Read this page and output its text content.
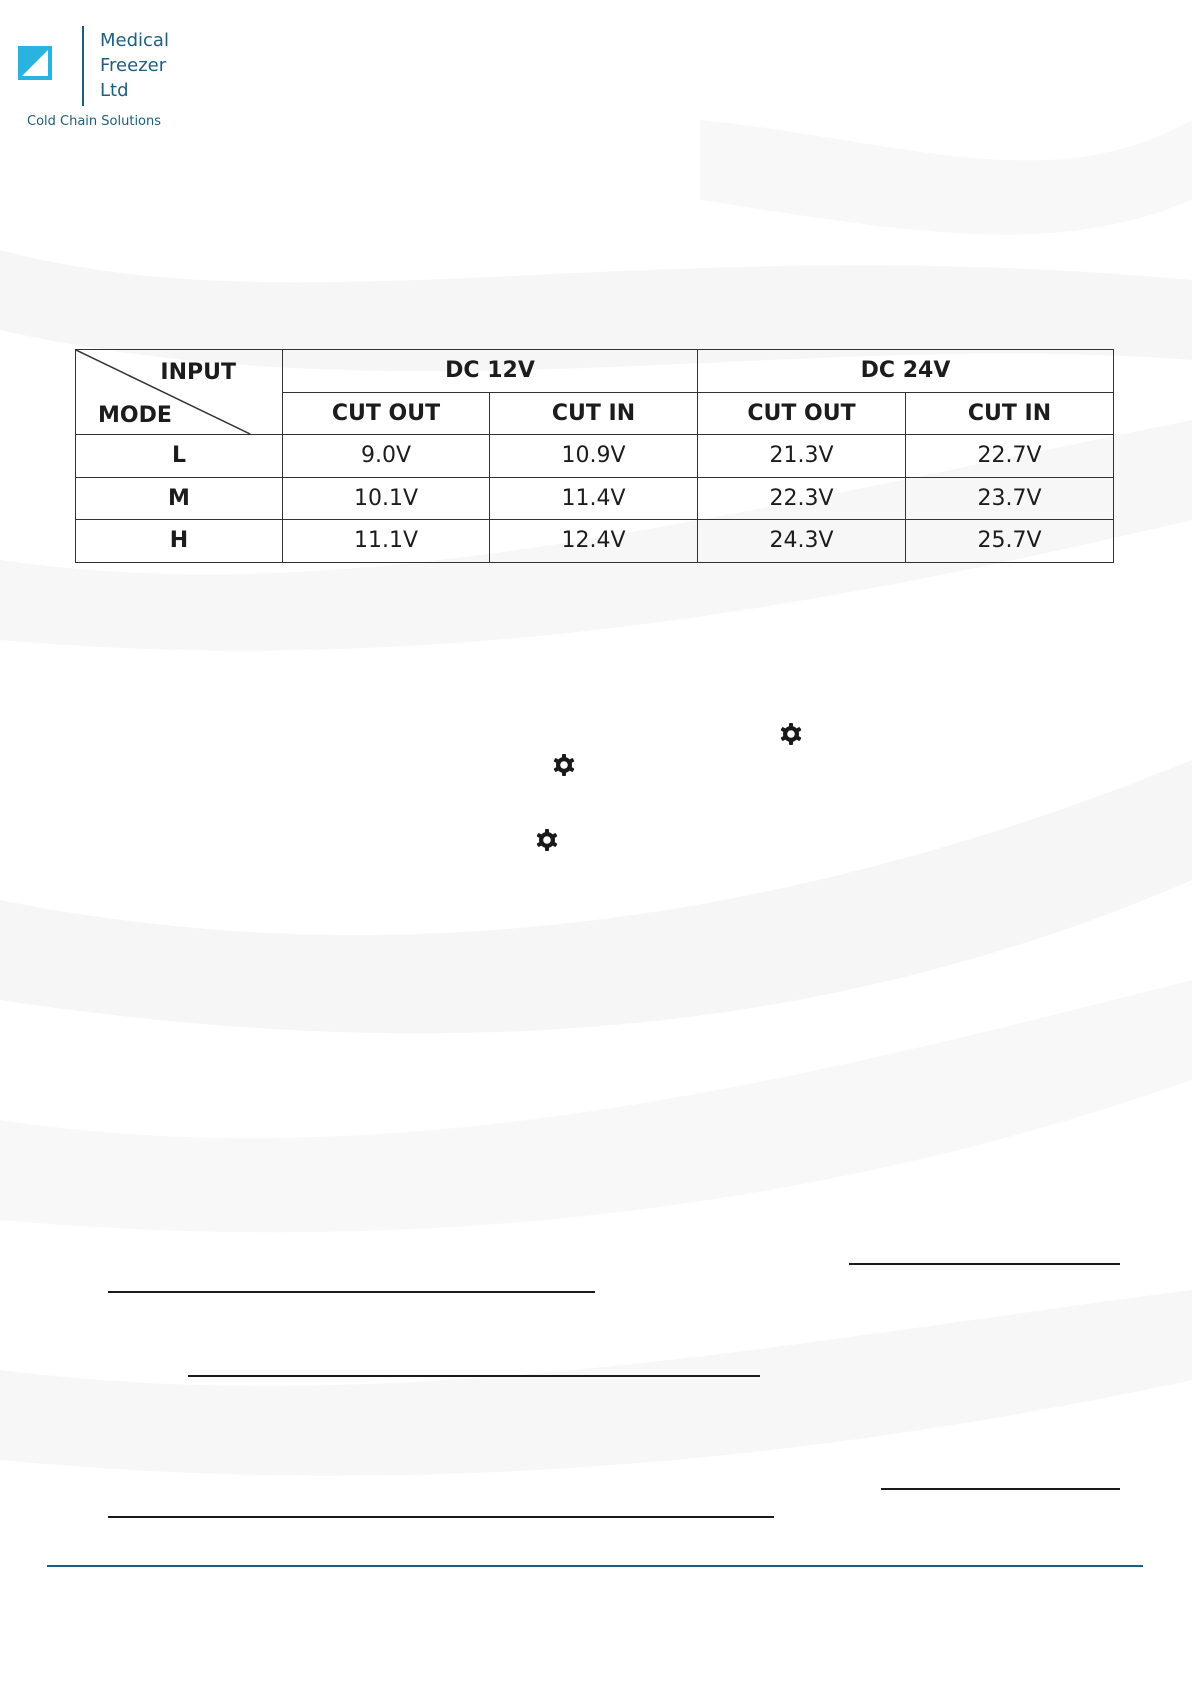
Medical
Freezer
Ltd
Cold Chain Solutions
INPUT
MODE	DC 12V		DC 24V	
	CUT OUT	CUT IN	CUT OUT	CUT IN
L	9.0V	10.9V	21.3V	22.7V
M	10.1V	11.4V	22.3V	23.7V
H	11.1V	12.4V	24.3V	25.7V
